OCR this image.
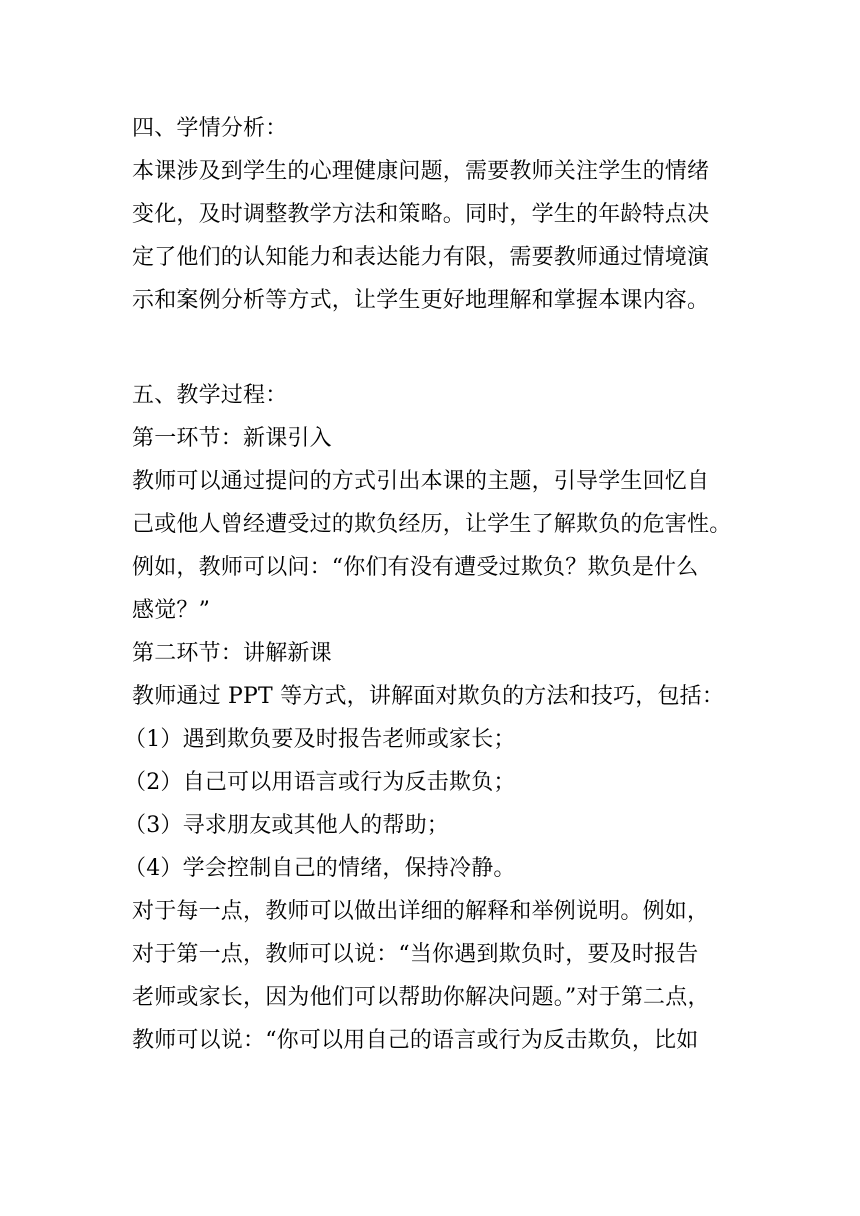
四、学情分析：
本课涉及到学生的心理健康问题，需要教师关注学生的情绪
变化，及时调整教学方法和策略。同时，学生的年龄特点决
定了他们的认知能力和表达能力有限，需要教师通过情境演
示和案例分析等方式，让学生更好地理解和掌握本课内容。
五、教学过程：
第一环节：新课引入
教师可以通过提问的方式引出本课的主题，引导学生回忆自
己或他人曾经遭受过的欺负经历，让学生了解欺负的危害性。
例如，教师可以问：“你们有没有遭受过欺负？欺负是什么
感觉？”
第二环节：讲解新课
教师通过 PPT 等方式，讲解面对欺负的方法和技巧，包括：
（1）遇到欺负要及时报告老师或家长；
（2）自己可以用语言或行为反击欺负；
（3）寻求朋友或其他人的帮助；
（4）学会控制自己的情绪，保持冷静。
对于每一点，教师可以做出详细的解释和举例说明。例如，
对于第一点，教师可以说：“当你遇到欺负时，要及时报告
老师或家长，因为他们可以帮助你解决问题。”对于第二点，
教师可以说：“你可以用自己的语言或行为反击欺负，比如
